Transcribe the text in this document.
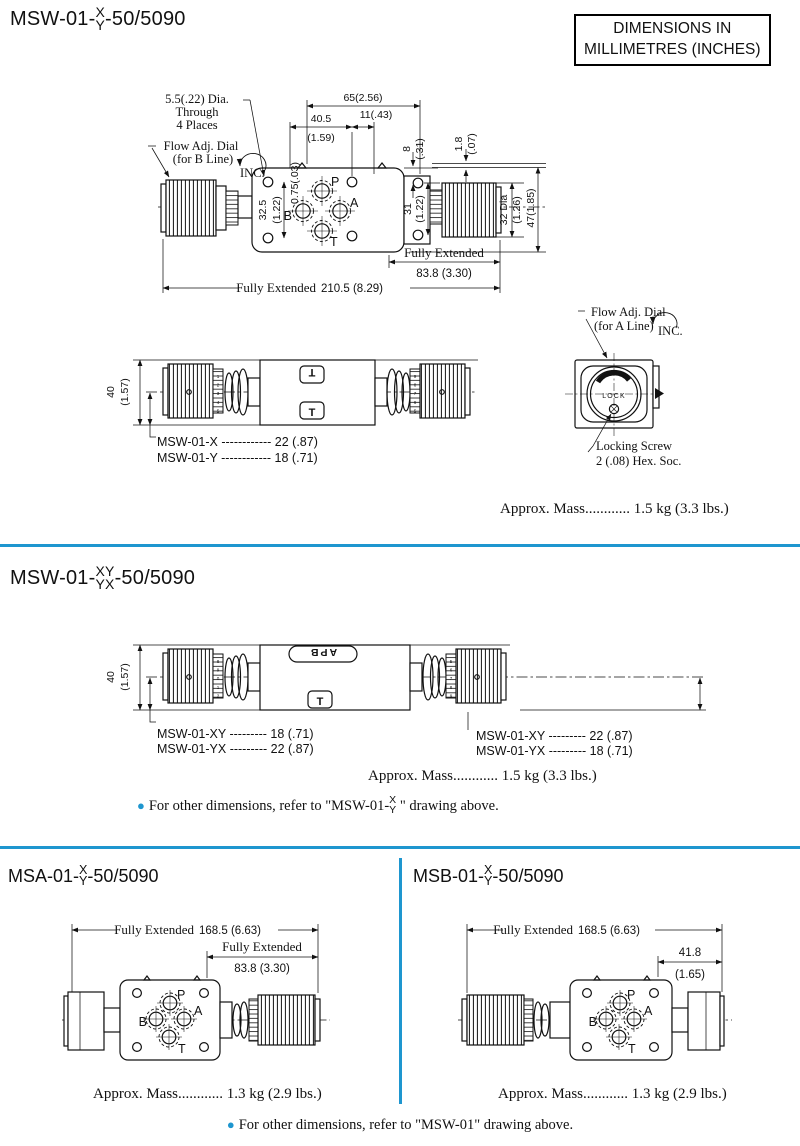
MSW-01- X
Y -50/5090	DIMENSIONS IN
MILLIMETRES (INCHES)
Approx. Mass............ 1.5 kg (3.3 lbs.)
MSW-01- XY
YX -50/5090
Approx. Mass............ 1.5 kg (3.3 lbs.)
● For other dimensions, refer to "MSW-01- X
Y " drawing above.
MSA-01- X
Y -50/5090	MSB-01- X
Y -50/5090
Approx. Mass............ 1.3 kg (2.9 lbs.)	Approx. Mass............ 1.3 kg (2.9 lbs.)
● For other dimensions, refer to "MSW-01" drawing above.
P
A
B
T
65(2.56)
40.5
(1.59)
11(.43)
8 (.31)	1.8 (.07)
32.5 (1.22)
0.75(.03)
31 (1.22)	32 Dia (1.26) 47(1.85)
Fully Extended
83.8 (3.30)
Fully Extended 210.5 (8.29)
5.5(.22) Dia.
Through
4 Places
Flow Adj. Dial
(for B Line)
INC.
40 (1.57)
1
2
3
4
5
T
T
9
8
7
6
5
MSW-01-X ------------ 22 (.87)
MSW-01-Y ------------ 18 (.71)
Flow Adj. Dial
(for A Line) INC.
LOCK
Locking Screw
2 (.08) Hex. Soc.
40 (1.57)
8
9
0
1
2
APB
T
5
6
7
8
9
MSW-01-XY --------- 18 (.71)
MSW-01-YX --------- 22 (.87)
MSW-01-XY --------- 22 (.87)
MSW-01-YX --------- 18 (.71)
Fully Extended 168.5 (6.63)
Fully Extended
83.8 (3.30)
P
B
A
T
Fully Extended 168.5 (6.63)
41.8
(1.65)
P
B
A
T
